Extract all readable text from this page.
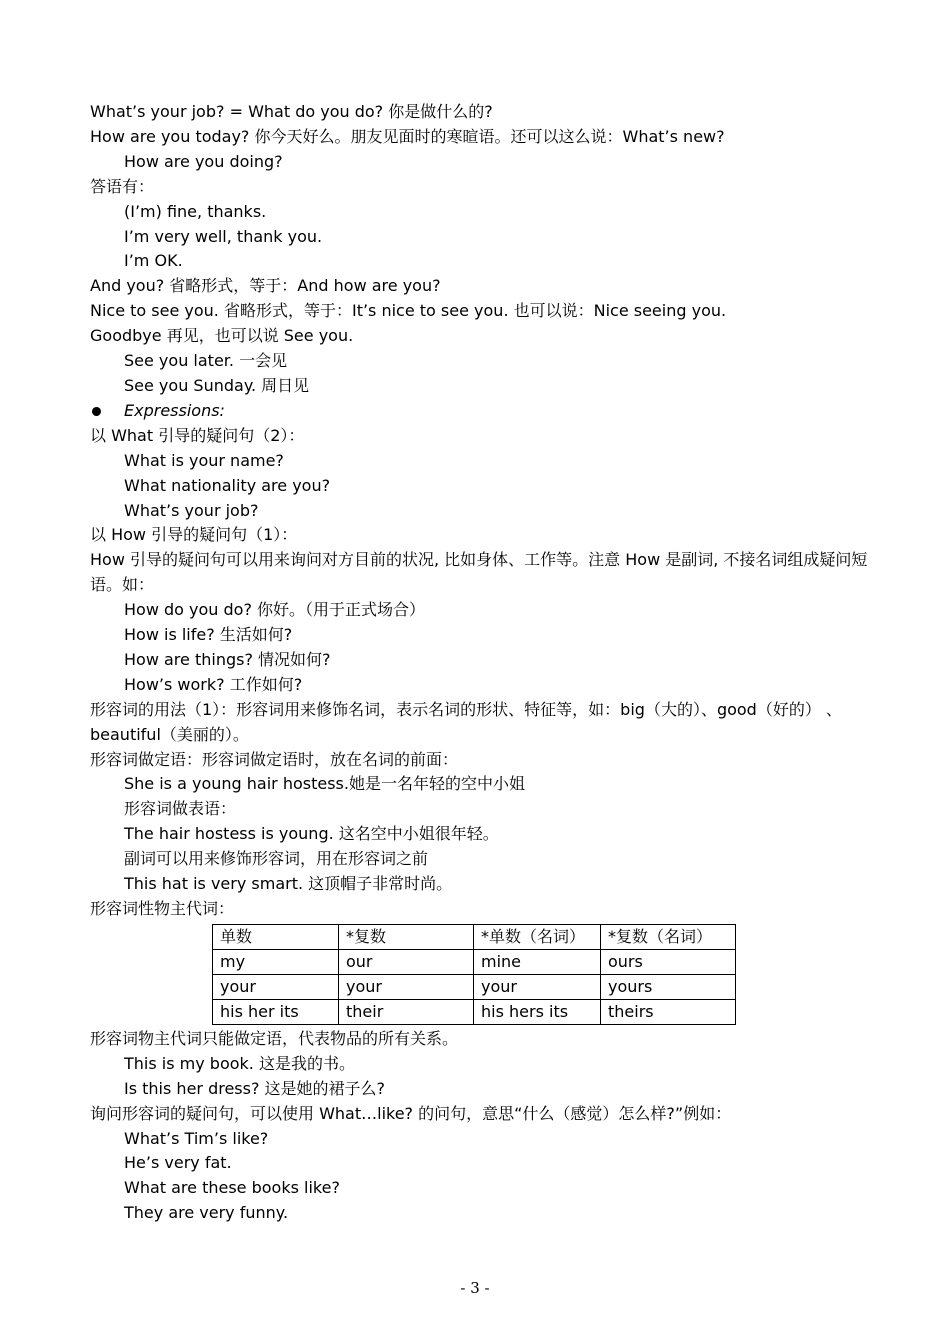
What’s your job? = What do you do? 你是做什么的?
How are you today? 你今天好么。朋友见面时的寒暄语。还可以这么说：What’s new?
How are you doing?
答语有：
(I’m) fine, thanks.
I’m very well, thank you.
I’m OK.
And you? 省略形式，等于：And how are you?
Nice to see you. 省略形式，等于：It’s nice to see you. 也可以说：Nice seeing you.
Goodbye 再见，也可以说 See you.
See you later. 一会见
See you Sunday. 周日见
Expressions:
以 What 引导的疑问句（2）：
What is your name?
What nationality are you?
What’s your job?
以 How 引导的疑问句（1）：
How 引导的疑问句可以用来询问对方目前的状况, 比如身体、工作等。注意 How 是副词, 不接名词组成疑问短语。如：
How do you do? 你好。（用于正式场合）
How is life? 生活如何?
How are things? 情况如何?
How’s work? 工作如何?
形容词的用法（1）：形容词用来修饰名词，表示名词的形状、特征等，如：big（大的）、good（好的） 、beautiful（美丽的）。
形容词做定语：形容词做定语时，放在名词的前面：
She is a young hair hostess.她是一名年轻的空中小姐
形容词做表语：
The hair hostess is young. 这名空中小姐很年轻。
副词可以用来修饰形容词，用在形容词之前
This hat is very smart. 这顶帽子非常时尚。
形容词性物主代词：
单数	*复数	*单数（名词）	*复数（名词）
my	our	mine	ours
your	your	your	yours
his her its	their	his hers its	theirs
形容词物主代词只能做定语，代表物品的所有关系。
This is my book. 这是我的书。
Is this her dress? 这是她的裙子么?
询问形容词的疑问句，可以使用 What…like? 的问句，意思“什么（感觉）怎么样?”例如：
What’s Tim’s like?
He’s very fat.
What are these books like?
They are very funny.
- 3 -
